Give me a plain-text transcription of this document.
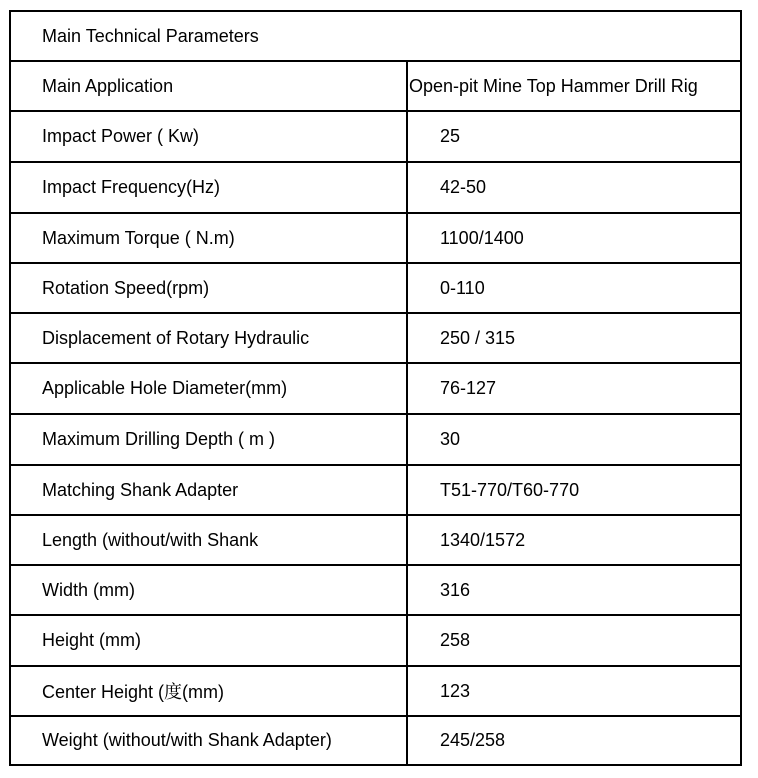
Main Technical Parameters
Main Application	Open-pit Mine Top Hammer Drill Rig
Impact Power ( Kw)	25
Impact Frequency(Hz)	42-50
Maximum Torque ( N.m)	1100/1400
Rotation Speed(rpm)	0-110
Displacement of Rotary Hydraulic	250 / 315
Applicable Hole Diameter(mm)	76-127
Maximum Drilling Depth ( m )	30
Matching Shank Adapter	T51-770/T60-770
Length (without/with Shank	1340/1572
Width (mm)	316
Height (mm)	258
Center Height (度(mm)	123
Weight (without/with Shank Adapter)	245/258
